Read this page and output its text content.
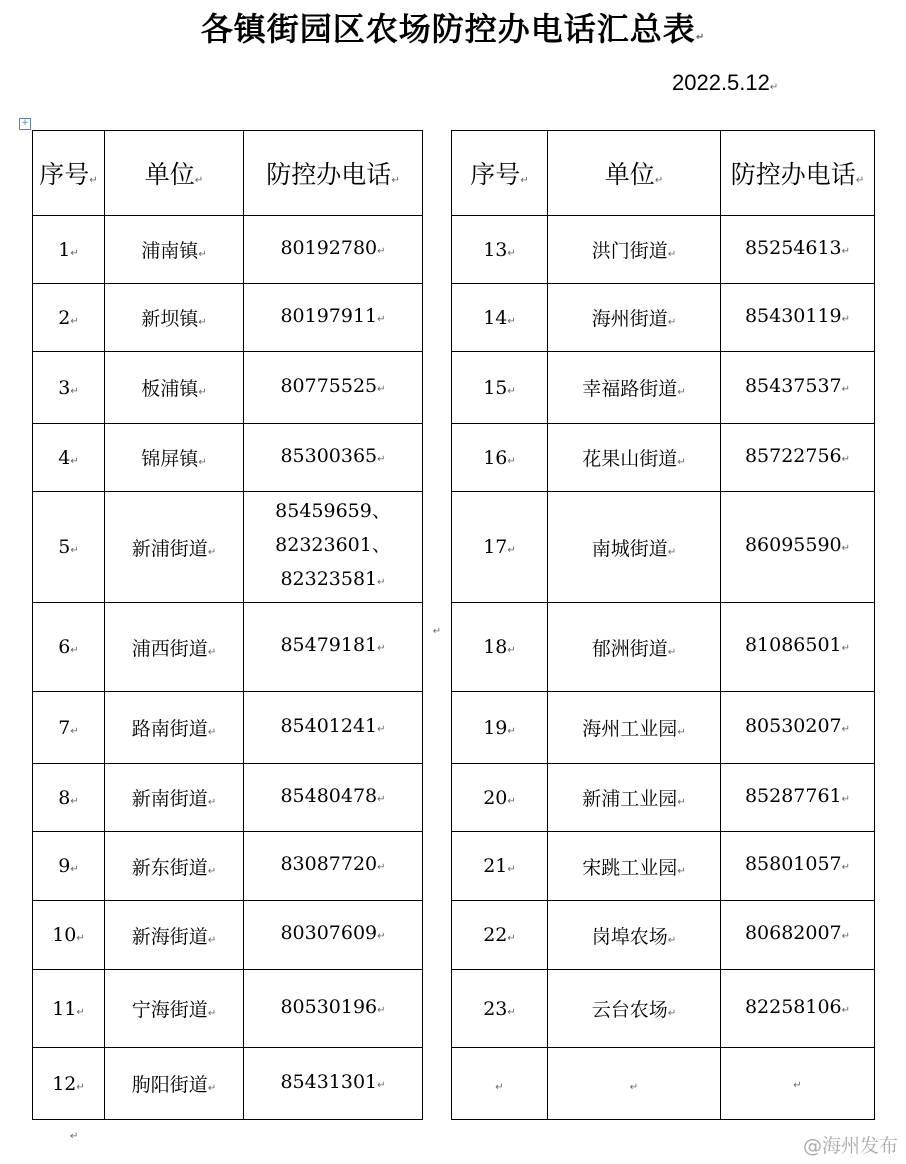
各镇街园区农场防控办电话汇总表↵
2022.5.12↵
+
序号↵	单位↵	防控办电话↵	↵	序号↵	单位↵	防控办电话↵
1↵	浦南镇↵	80192780↵		13↵	洪门街道↵	85254613↵

2↵	新坝镇↵	80197911↵		14↵	海州街道↵	85430119↵

3↵	板浦镇↵	80775525↵		15↵	幸福路街道↵	85437537↵

4↵	锦屏镇↵	85300365↵		16↵	花果山街道↵	85722756↵

5↵	新浦街道↵	85459659、
82323601、
82323581↵		17↵	南城街道↵	86095590↵

6↵	浦西街道↵	85479181↵		18↵	郁洲街道↵	81086501↵

7↵	路南街道↵	85401241↵		19↵	海州工业园↵	80530207↵

8↵	新南街道↵	85480478↵		20↵	新浦工业园↵	85287761↵

9↵	新东街道↵	83087720↵		21↵	宋跳工业园↵	85801057↵

10↵	新海街道↵	80307609↵		22↵	岗埠农场↵	80682007↵

11↵	宁海街道↵	80530196↵		23↵	云台农场↵	82258106↵

12↵	朐阳街道↵	85431301↵		↵	↵	↵
↵	@海州发布
